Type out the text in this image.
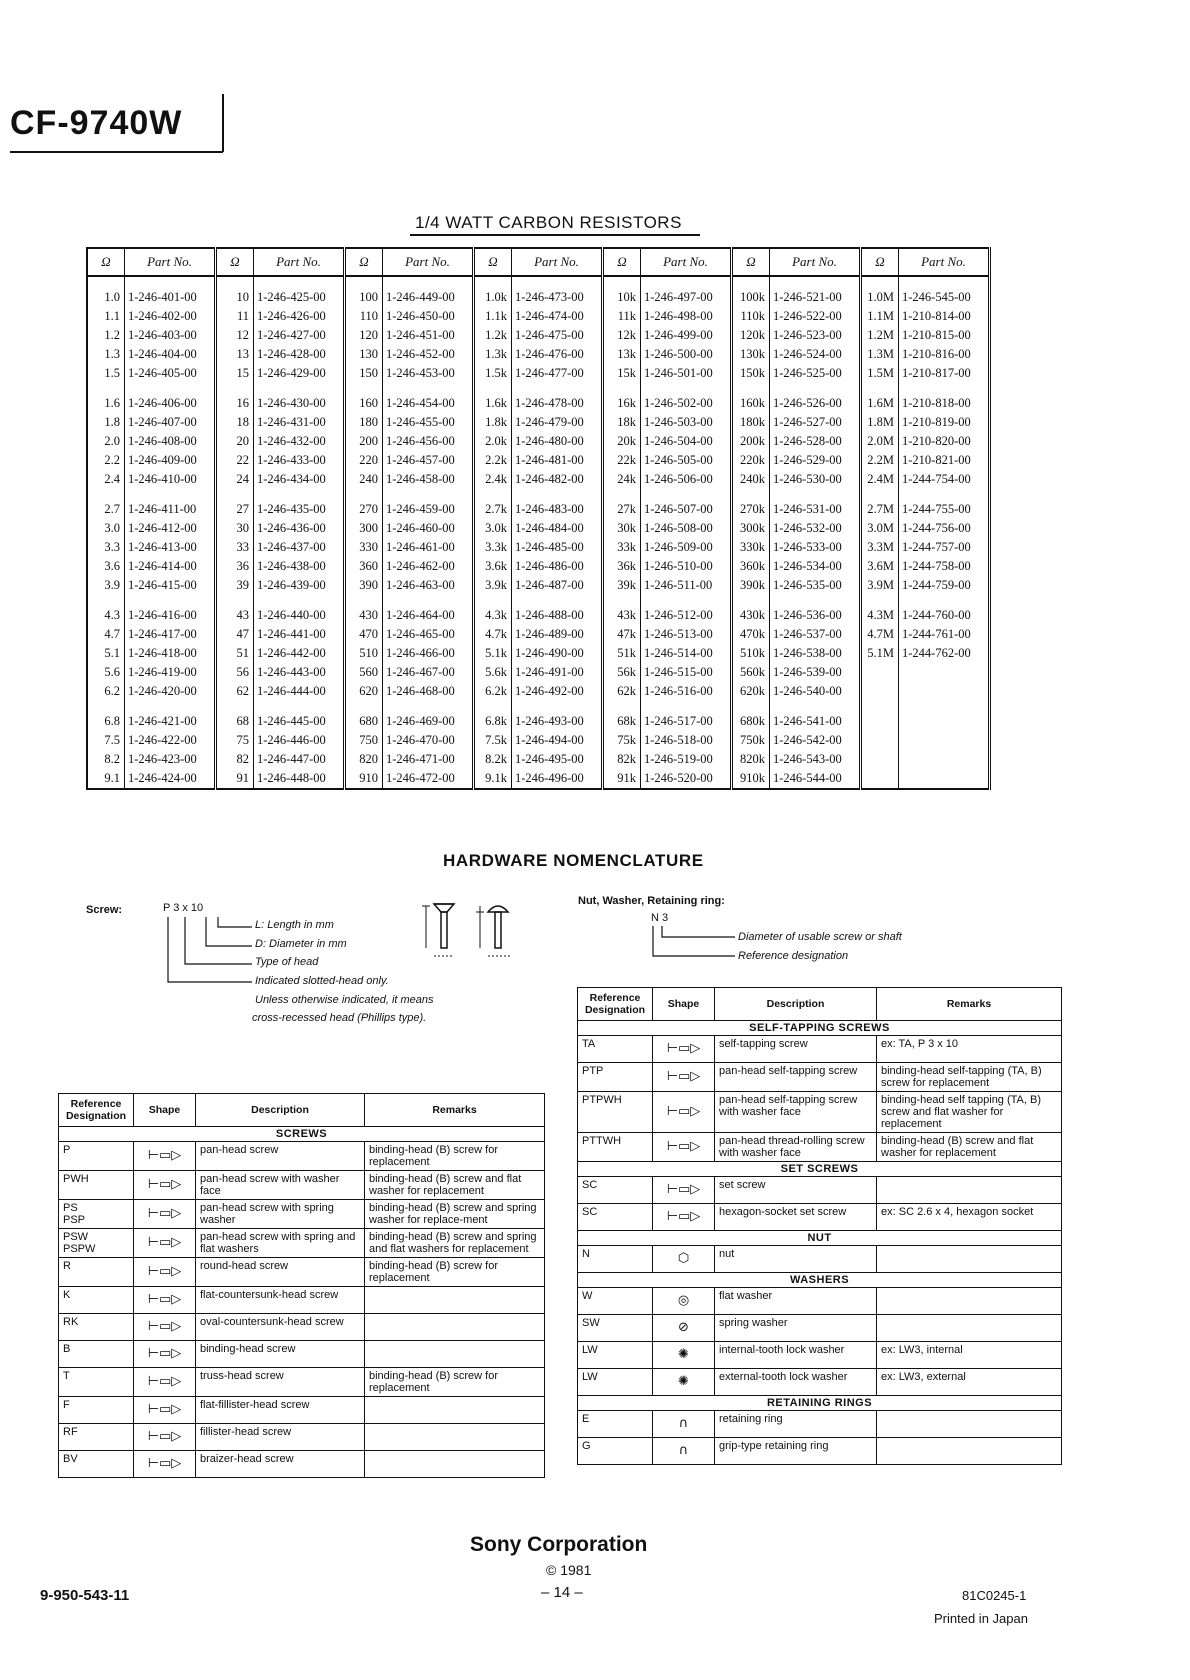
CF-9740W
1/4 WATT CARBON RESISTORS
Ω	Part No.	Ω	Part No.	Ω	Part No.	Ω	Part No.	Ω	Part No.	Ω	Part No.	Ω	Part No.

1.0	1-246-401-00	10	1-246-425-00	100	1-246-449-00	1.0k	1-246-473-00	10k	1-246-497-00	100k	1-246-521-00	1.0M	1-246-545-00
1.1	1-246-402-00	11	1-246-426-00	110	1-246-450-00	1.1k	1-246-474-00	11k	1-246-498-00	110k	1-246-522-00	1.1M	1-210-814-00
1.2	1-246-403-00	12	1-246-427-00	120	1-246-451-00	1.2k	1-246-475-00	12k	1-246-499-00	120k	1-246-523-00	1.2M	1-210-815-00
1.3	1-246-404-00	13	1-246-428-00	130	1-246-452-00	1.3k	1-246-476-00	13k	1-246-500-00	130k	1-246-524-00	1.3M	1-210-816-00
1.5	1-246-405-00	15	1-246-429-00	150	1-246-453-00	1.5k	1-246-477-00	15k	1-246-501-00	150k	1-246-525-00	1.5M	1-210-817-00

1.6	1-246-406-00	16	1-246-430-00	160	1-246-454-00	1.6k	1-246-478-00	16k	1-246-502-00	160k	1-246-526-00	1.6M	1-210-818-00
1.8	1-246-407-00	18	1-246-431-00	180	1-246-455-00	1.8k	1-246-479-00	18k	1-246-503-00	180k	1-246-527-00	1.8M	1-210-819-00
2.0	1-246-408-00	20	1-246-432-00	200	1-246-456-00	2.0k	1-246-480-00	20k	1-246-504-00	200k	1-246-528-00	2.0M	1-210-820-00
2.2	1-246-409-00	22	1-246-433-00	220	1-246-457-00	2.2k	1-246-481-00	22k	1-246-505-00	220k	1-246-529-00	2.2M	1-210-821-00
2.4	1-246-410-00	24	1-246-434-00	240	1-246-458-00	2.4k	1-246-482-00	24k	1-246-506-00	240k	1-246-530-00	2.4M	1-244-754-00

2.7	1-246-411-00	27	1-246-435-00	270	1-246-459-00	2.7k	1-246-483-00	27k	1-246-507-00	270k	1-246-531-00	2.7M	1-244-755-00
3.0	1-246-412-00	30	1-246-436-00	300	1-246-460-00	3.0k	1-246-484-00	30k	1-246-508-00	300k	1-246-532-00	3.0M	1-244-756-00
3.3	1-246-413-00	33	1-246-437-00	330	1-246-461-00	3.3k	1-246-485-00	33k	1-246-509-00	330k	1-246-533-00	3.3M	1-244-757-00
3.6	1-246-414-00	36	1-246-438-00	360	1-246-462-00	3.6k	1-246-486-00	36k	1-246-510-00	360k	1-246-534-00	3.6M	1-244-758-00
3.9	1-246-415-00	39	1-246-439-00	390	1-246-463-00	3.9k	1-246-487-00	39k	1-246-511-00	390k	1-246-535-00	3.9M	1-244-759-00

4.3	1-246-416-00	43	1-246-440-00	430	1-246-464-00	4.3k	1-246-488-00	43k	1-246-512-00	430k	1-246-536-00	4.3M	1-244-760-00
4.7	1-246-417-00	47	1-246-441-00	470	1-246-465-00	4.7k	1-246-489-00	47k	1-246-513-00	470k	1-246-537-00	4.7M	1-244-761-00
5.1	1-246-418-00	51	1-246-442-00	510	1-246-466-00	5.1k	1-246-490-00	51k	1-246-514-00	510k	1-246-538-00	5.1M	1-244-762-00
5.6	1-246-419-00	56	1-246-443-00	560	1-246-467-00	5.6k	1-246-491-00	56k	1-246-515-00	560k	1-246-539-00		
6.2	1-246-420-00	62	1-246-444-00	620	1-246-468-00	6.2k	1-246-492-00	62k	1-246-516-00	620k	1-246-540-00		

6.8	1-246-421-00	68	1-246-445-00	680	1-246-469-00	6.8k	1-246-493-00	68k	1-246-517-00	680k	1-246-541-00		
7.5	1-246-422-00	75	1-246-446-00	750	1-246-470-00	7.5k	1-246-494-00	75k	1-246-518-00	750k	1-246-542-00		
8.2	1-246-423-00	82	1-246-447-00	820	1-246-471-00	8.2k	1-246-495-00	82k	1-246-519-00	820k	1-246-543-00		
9.1	1-246-424-00	91	1-246-448-00	910	1-246-472-00	9.1k	1-246-496-00	91k	1-246-520-00	910k	1-246-544-00		
HARDWARE NOMENCLATURE
Screw:	P 3 x 10
L: Length in mm
D: Diameter in mm
Type of head
Indicated slotted-head only.
Unless otherwise indicated, it means
cross-recessed head (Phillips type).
Nut, Washer, Retaining ring:
N 3
Diameter of usable screw or shaft
Reference designation
Reference Designation	Shape	Description	Remarks
SCREWS			
P	⊢▭▷	pan-head screw	binding-head (B) screw for replacement
PWH	⊢▭▷	pan-head screw with washer face	binding-head (B) screw and flat washer for replacement
PS
PSP	⊢▭▷	pan-head screw with spring washer	binding-head (B) screw and spring washer for replace-ment
PSW
PSPW	⊢▭▷	pan-head screw with spring and flat washers	binding-head (B) screw and spring and flat washers for replacement
R	⊢▭▷	round-head screw	binding-head (B) screw for replacement
K	⊢▭▷	flat-countersunk-head screw	
RK	⊢▭▷	oval-countersunk-head screw	
B	⊢▭▷	binding-head screw	
T	⊢▭▷	truss-head screw	binding-head (B) screw for replacement
F	⊢▭▷	flat-fillister-head screw	
RF	⊢▭▷	fillister-head screw	
BV	⊢▭▷	braizer-head screw	
Reference Designation	Shape	Description	Remarks
SELF-TAPPING SCREWS			
TA	⊢▭▷	self-tapping screw	ex: TA, P 3 x 10
PTP	⊢▭▷	pan-head self-tapping screw	binding-head self-tapping (TA, B) screw for replacement
PTPWH	⊢▭▷	pan-head self-tapping screw with washer face	binding-head self tapping (TA, B) screw and flat washer for replacement
PTTWH	⊢▭▷	pan-head thread-rolling screw with washer face	binding-head (B) screw and flat washer for replacement
SET SCREWS			
SC	⊢▭▷	set screw	
SC	⊢▭▷	hexagon-socket set screw	ex: SC 2.6 x 4, hexagon socket
NUT			
N	⬡	nut	
WASHERS			
W	◎	flat washer	
SW	⊘	spring washer	
LW	✺	internal-tooth lock washer	ex: LW3, internal
LW	✺	external-tooth lock washer	ex: LW3, external
RETAINING RINGS			
E	∩	retaining ring	
G	∩	grip-type retaining ring	
Sony Corporation
© 1981
– 14 –
9-950-543-11	81C0245-1
Printed in Japan
